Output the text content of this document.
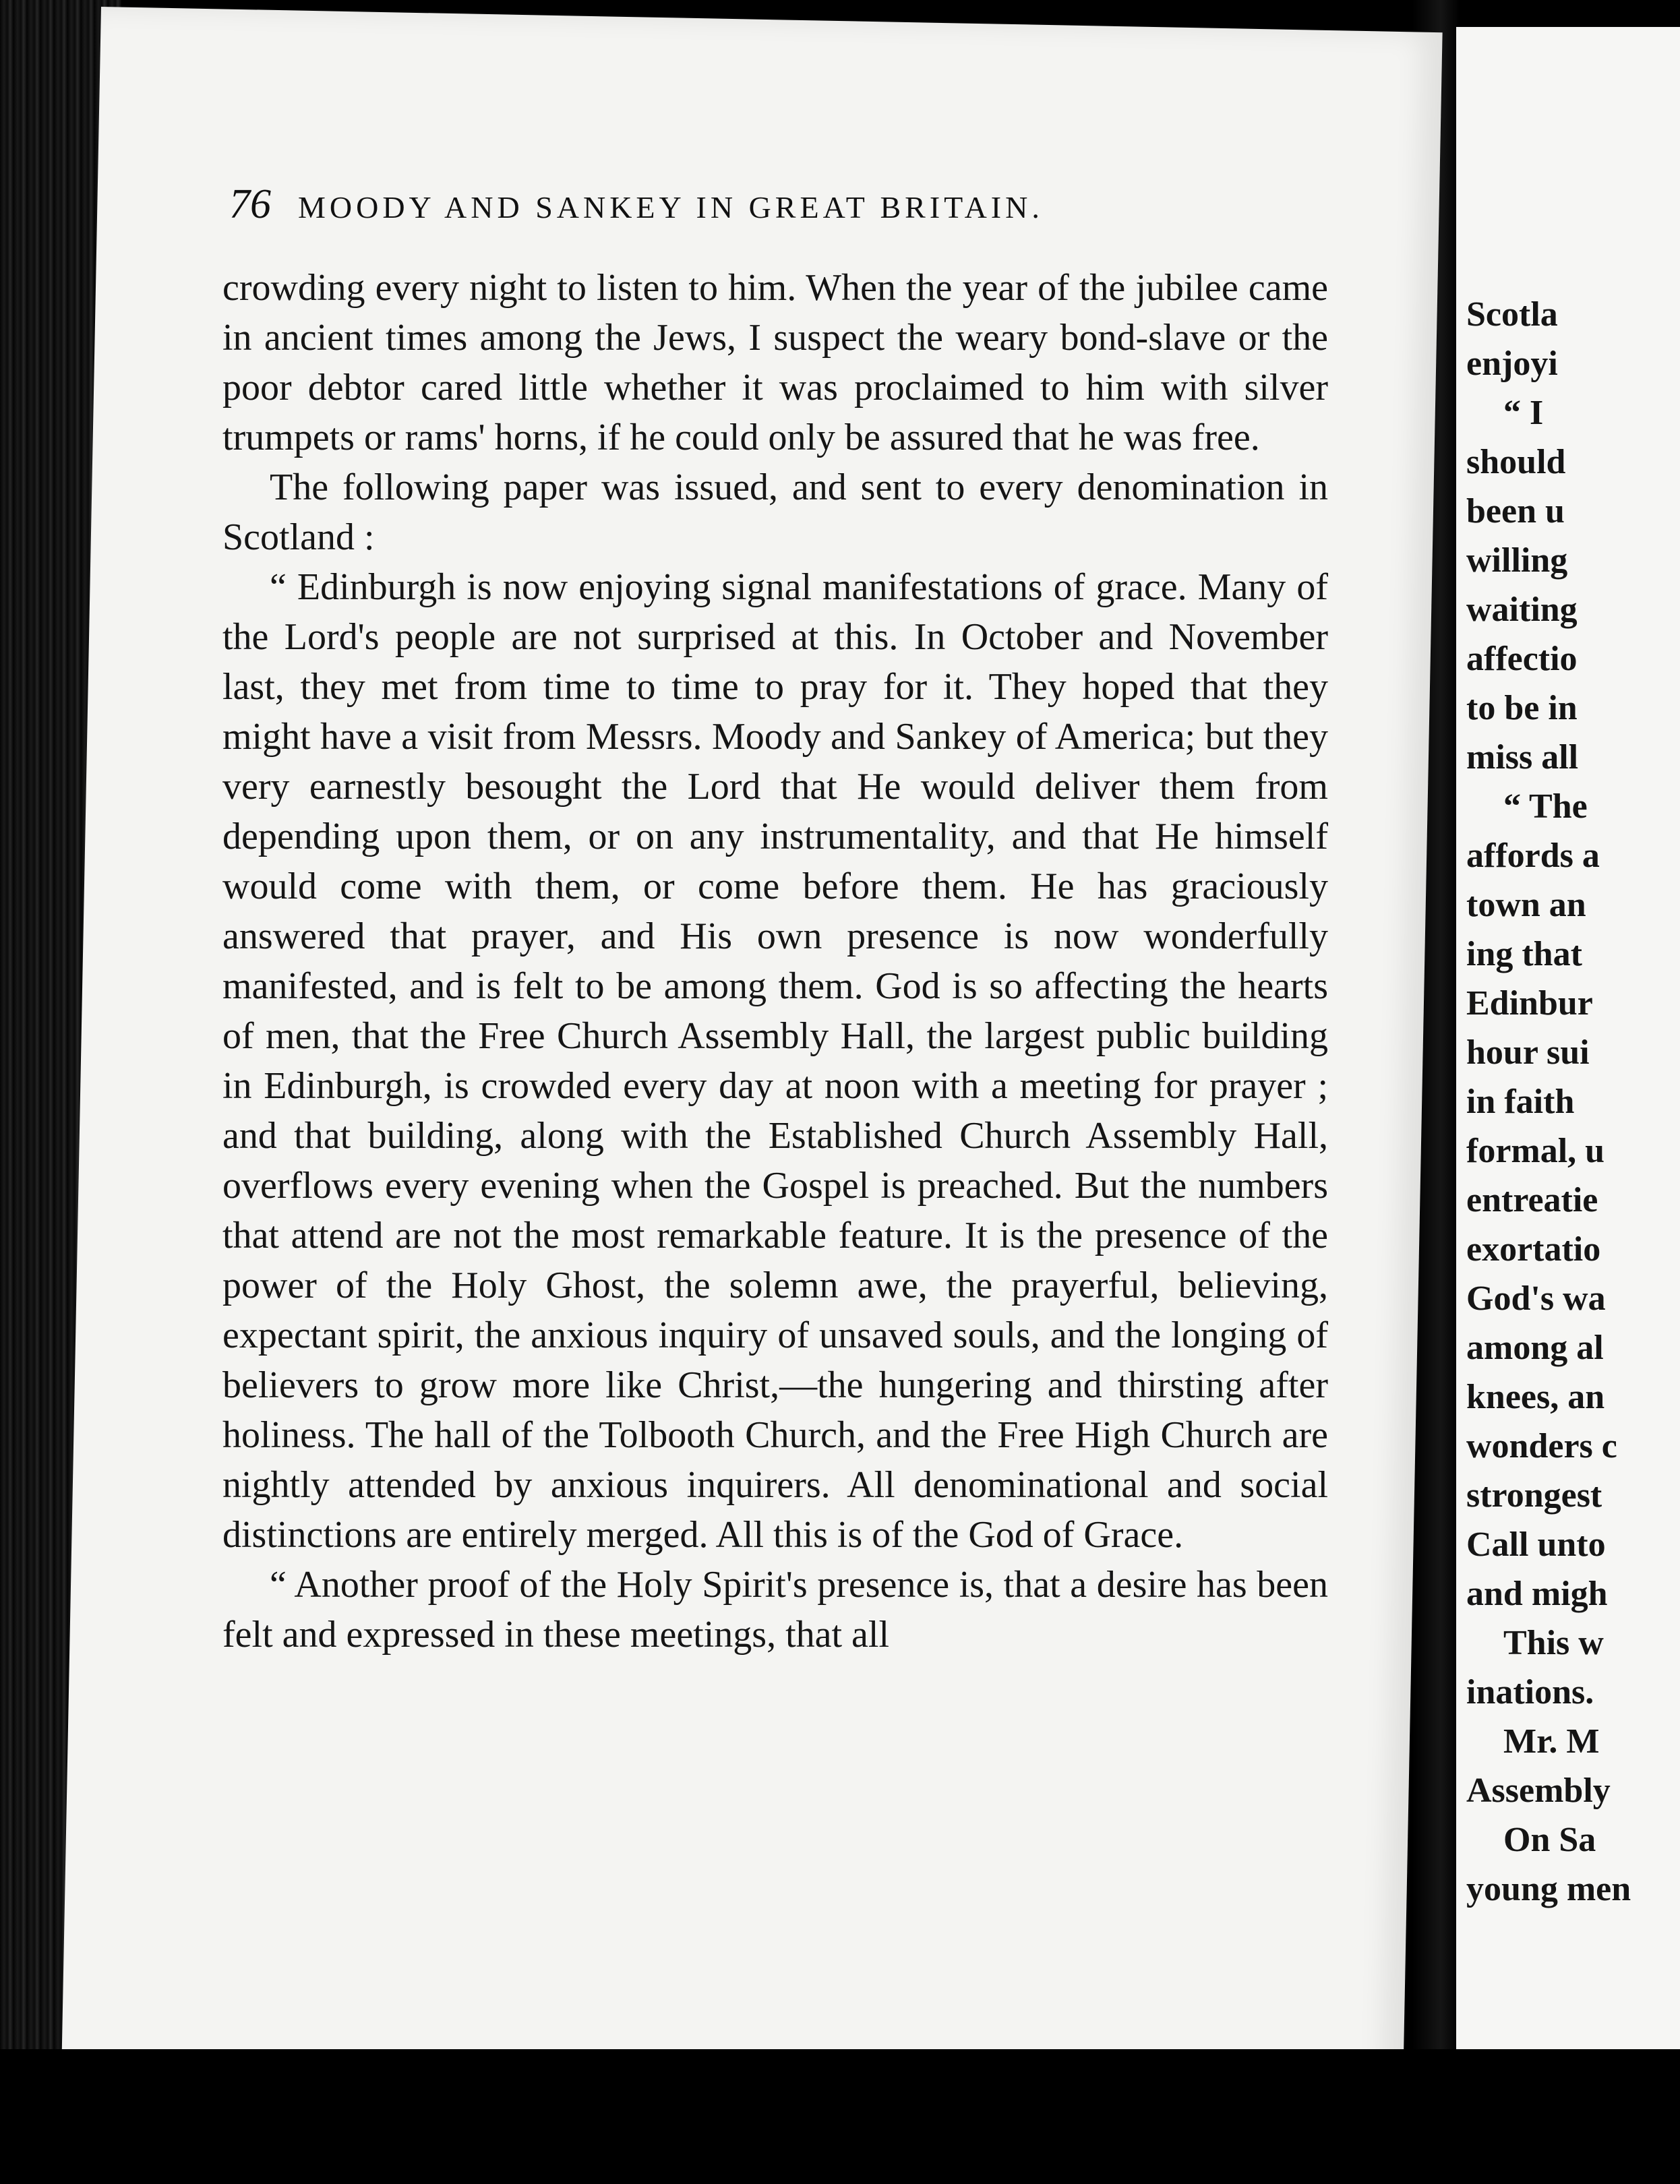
76 MOODY AND SANKEY IN GREAT BRITAIN.

crowding every night to listen to him. When the year of the jubilee came in ancient times among the Jews, I suspect the weary bond-slave or the poor debtor cared little whether it was proclaimed to him with silver trumpets or rams' horns, if he could only be assured that he was free.

The following paper was issued, and sent to every denomination in Scotland :

“ Edinburgh is now enjoying signal manifestations of grace. Many of the Lord's people are not surprised at this. In October and November last, they met from time to time to pray for it. They hoped that they might have a visit from Messrs. Moody and Sankey of America; but they very earnestly besought the Lord that He would deliver them from depending upon them, or on any instrumentality, and that He himself would come with them, or come before them. He has graciously answered that prayer, and His own presence is now wonderfully manifested, and is felt to be among them. God is so affecting the hearts of men, that the Free Church Assembly Hall, the largest public building in Edinburgh, is crowded every day at noon with a meeting for prayer ; and that building, along with the Established Church Assembly Hall, overflows every evening when the Gospel is preached. But the numbers that attend are not the most remarkable feature. It is the presence of the power of the Holy Ghost, the solemn awe, the prayerful, believing, expectant spirit, the anxious inquiry of unsaved souls, and the longing of believers to grow more like Christ,—the hungering and thirsting after holiness. The hall of the Tolbooth Church, and the Free High Church are nightly attended by anxious inquirers. All denominational and social distinctions are entirely merged. All this is of the God of Grace.

“ Another proof of the Holy Spirit's presence is, that a desire has been felt and expressed in these meetings, that all

Scotla
enjoyi
“ I
should
been u
willing
waiting
affectio
to be in
miss all
“ The
affords a
town an
ing that
Edinbur
hour sui
in faith
formal, u
entreatie
exortatio
God's wa
among al
knees, an
wonders c
strongest
Call unto
and migh
This w
inations.
Mr. M
Assembly
On Sa
young men
